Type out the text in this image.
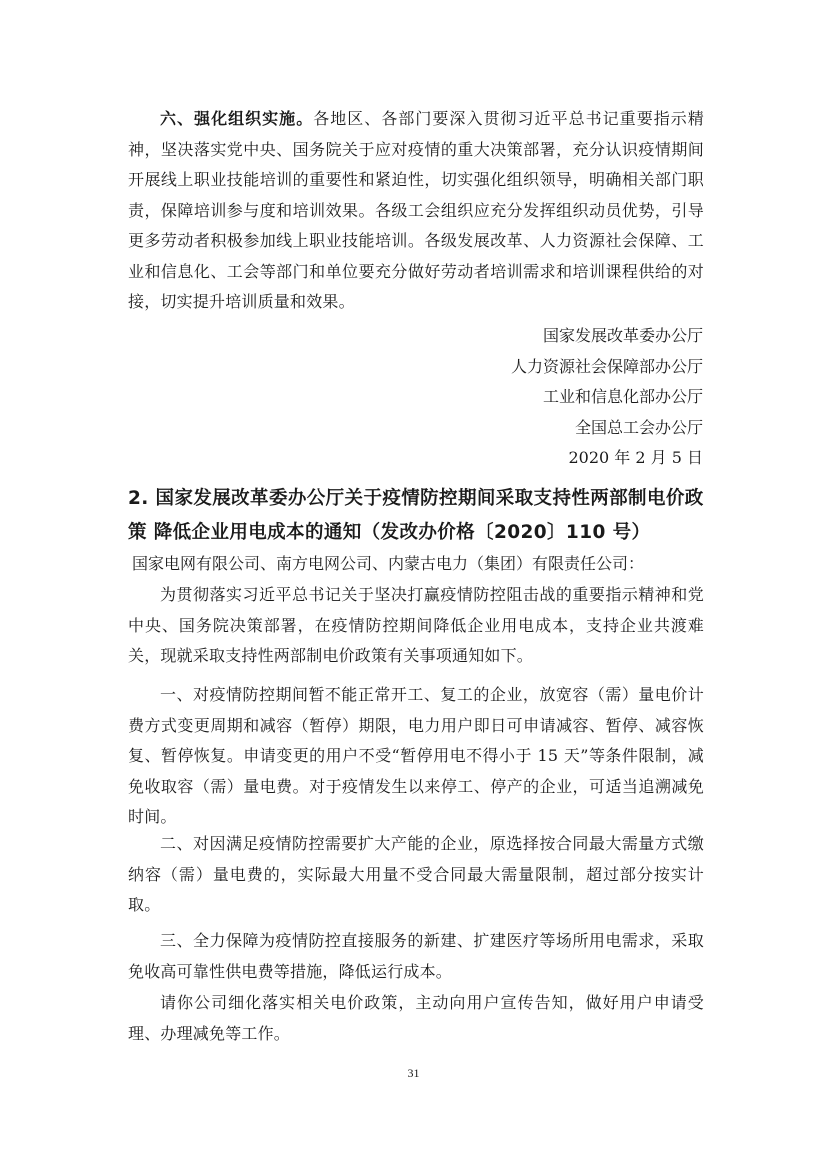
六、强化组织实施。各地区、各部门要深入贯彻习近平总书记重要指示精神，坚决落实党中央、国务院关于应对疫情的重大决策部署，充分认识疫情期间开展线上职业技能培训的重要性和紧迫性，切实强化组织领导，明确相关部门职责，保障培训参与度和培训效果。各级工会组织应充分发挥组织动员优势，引导更多劳动者积极参加线上职业技能培训。各级发展改革、人力资源社会保障、工业和信息化、工会等部门和单位要充分做好劳动者培训需求和培训课程供给的对接，切实提升培训质量和效果。
国家发展改革委办公厅
人力资源社会保障部办公厅
工业和信息化部办公厅
全国总工会办公厅
2020 年 2 月 5 日
2. 国家发展改革委办公厅关于疫情防控期间采取支持性两部制电价政策 降低企业用电成本的通知（发改办价格〔2020〕110 号）
国家电网有限公司、南方电网公司、内蒙古电力（集团）有限责任公司：
为贯彻落实习近平总书记关于坚决打赢疫情防控阻击战的重要指示精神和党中央、国务院决策部署，在疫情防控期间降低企业用电成本，支持企业共渡难关，现就采取支持性两部制电价政策有关事项通知如下。
一、对疫情防控期间暂不能正常开工、复工的企业，放宽容（需）量电价计费方式变更周期和减容（暂停）期限，电力用户即日可申请减容、暂停、减容恢复、暂停恢复。申请变更的用户不受“暂停用电不得小于 15 天”等条件限制，减免收取容（需）量电费。对于疫情发生以来停工、停产的企业，可适当追溯减免时间。
二、对因满足疫情防控需要扩大产能的企业，原选择按合同最大需量方式缴纳容（需）量电费的，实际最大用量不受合同最大需量限制，超过部分按实计取。
三、全力保障为疫情防控直接服务的新建、扩建医疗等场所用电需求，采取免收高可靠性供电费等措施，降低运行成本。
请你公司细化落实相关电价政策，主动向用户宣传告知，做好用户申请受理、办理减免等工作。
31
